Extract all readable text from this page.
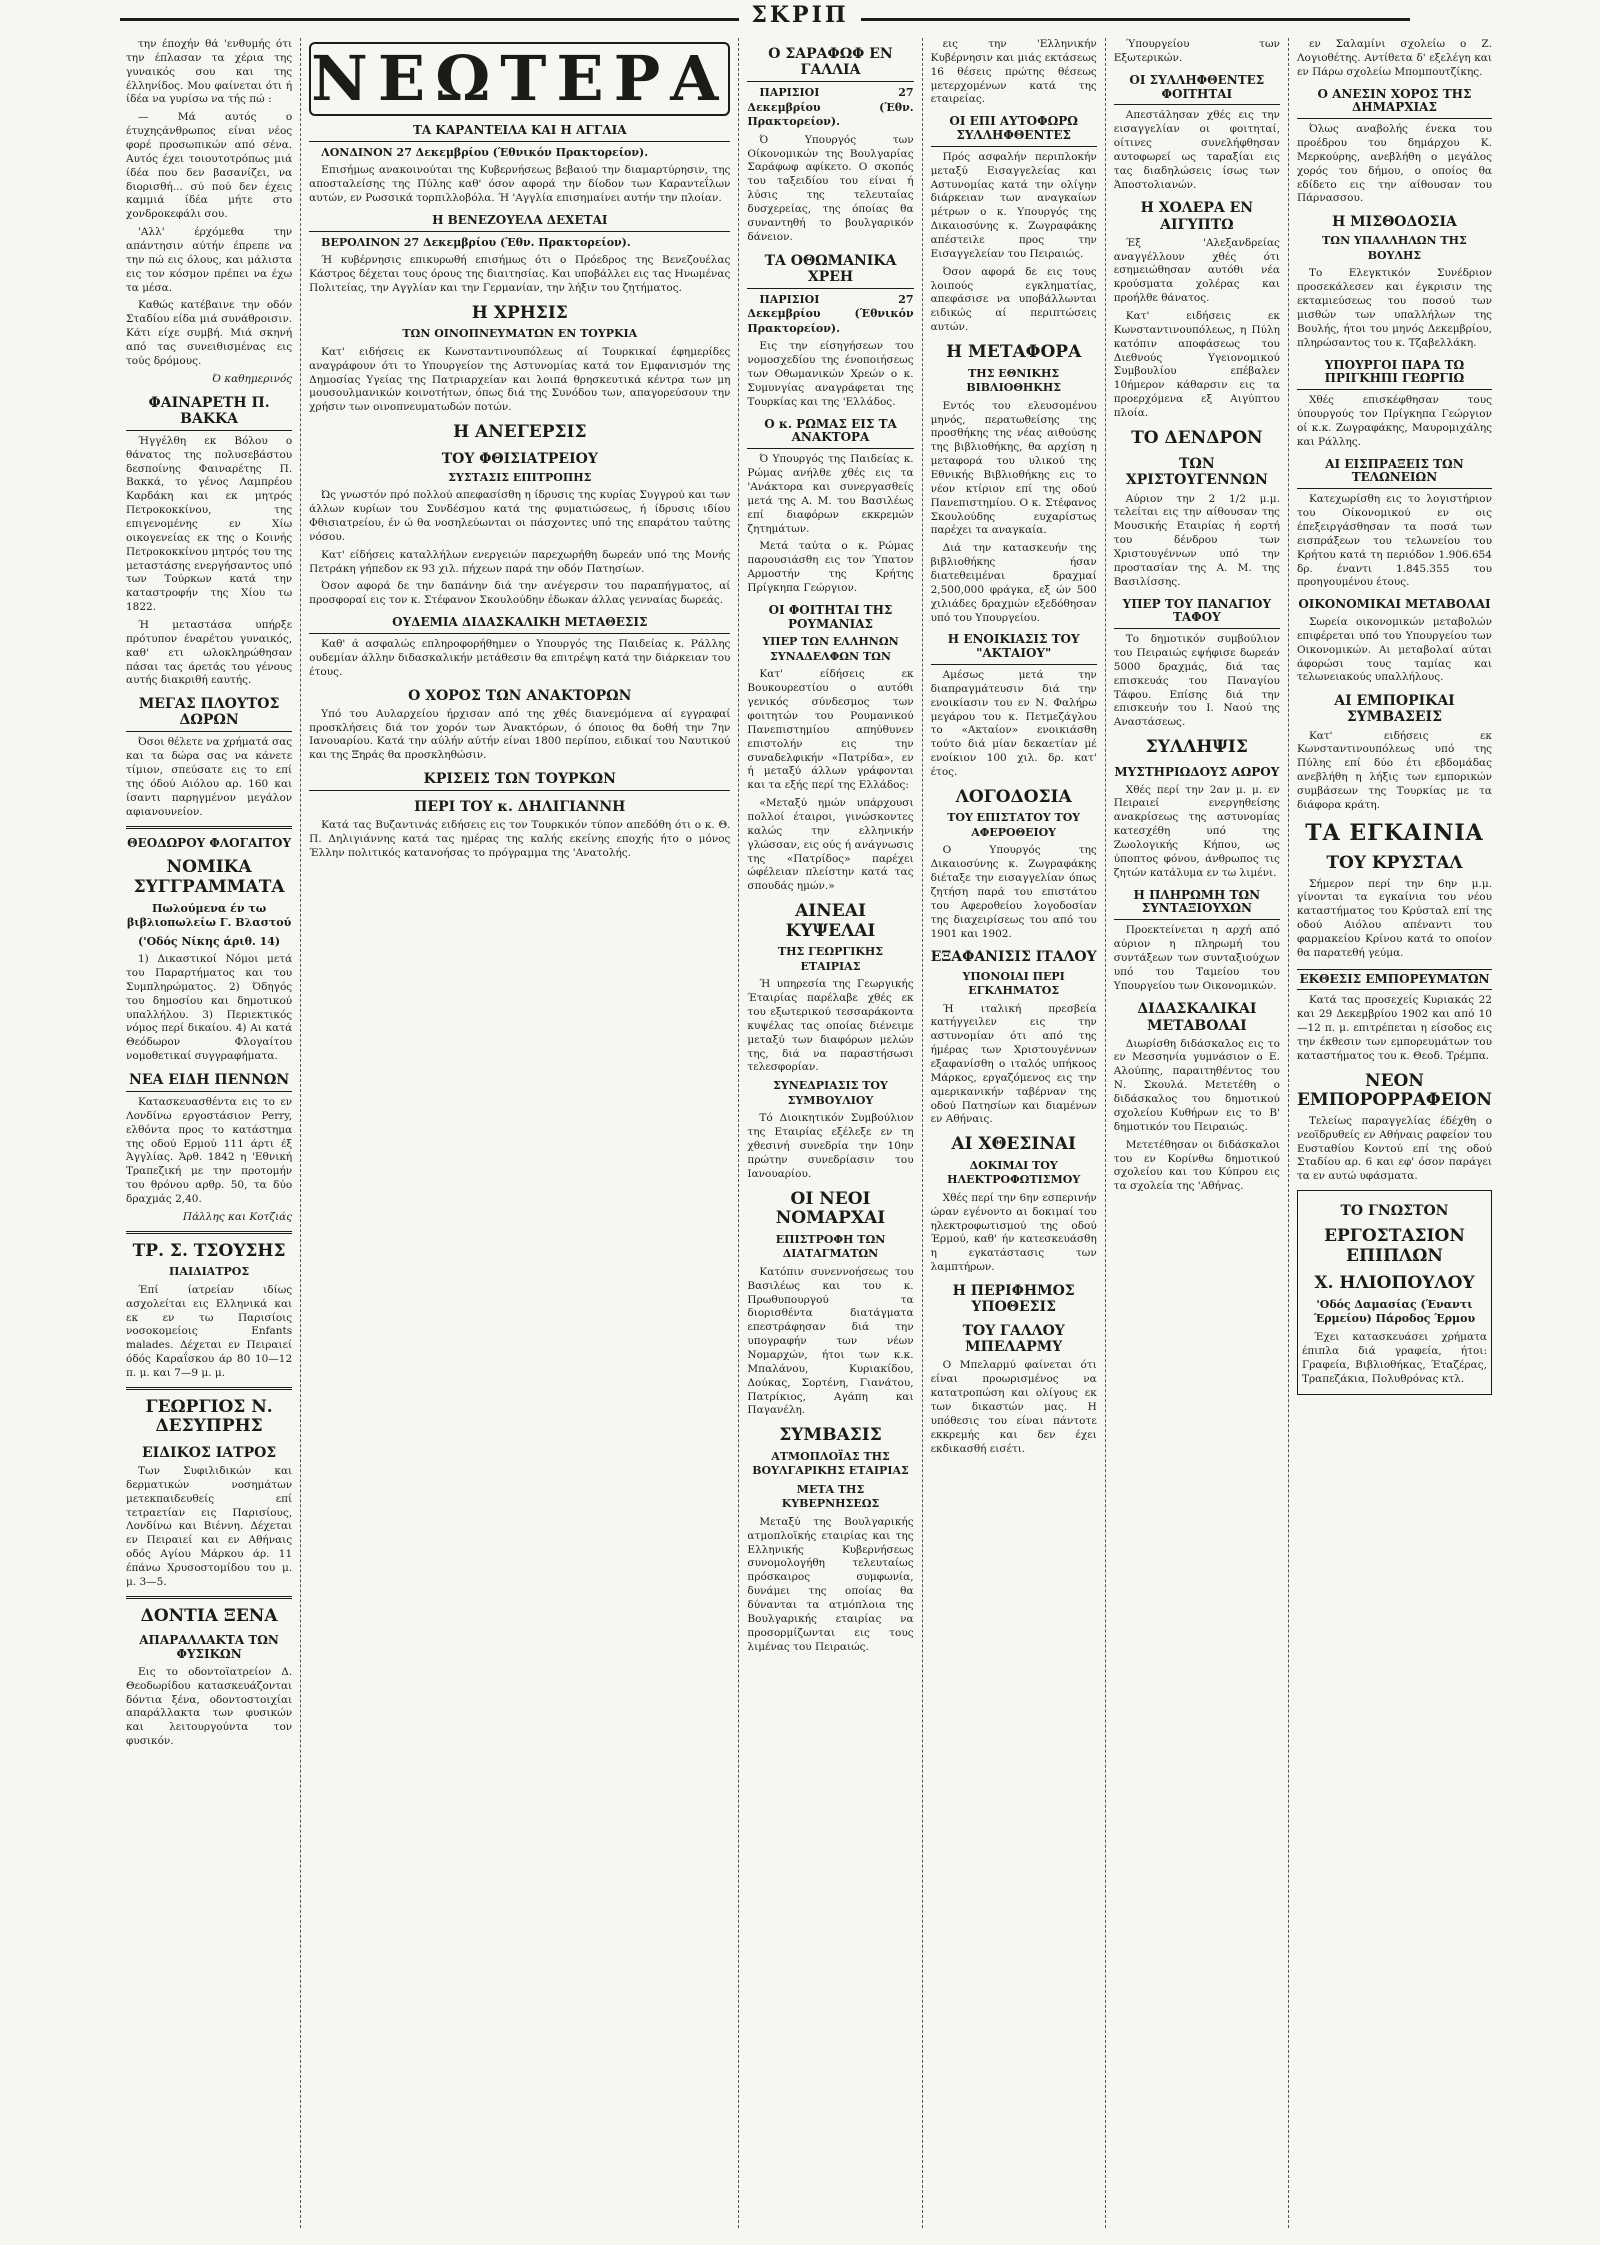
ΣΚΡΙΠ

την έποχήν θά 'ενθυμής ότι την έπλασαν τα χέρια της γυναικός σου και της έλληνίδος. Μου φαίνεται ότι ή ίδέα να γυρίσω να τής πώ :

— Μά αυτός ο έτυχηςάνθρωπος είναι νέος φορέ προσωπικών από σένα. Αυτός έχει τοιουτοτρόπως μιά ίδέα που δεν βασανίζει, να διορισθή... σύ πού δεν έχεις καμμιά ίδέα μήτε στο χονδροκεφάλι σου.

'Αλλ' έρχόμεθα την απάντησιν αύτήν έπρεπε να την πώ εις όλους, και μάλιστα εις τον κόσμον πρέπει να έχω τα μέσα.

Καθώς κατέβαινε την οδόν Σταδίου είδα μιά συνάθροισιν. Κάτι είχε συμβή. Μιά σκηνή από τας συνειθισμένας εις τούς δρόμους.

Ό καθημερινός

ΦΑΙΝΑΡΕΤΗ Π. ΒΑΚΚΑ

Ήγγέλθη εκ Βόλου ο θάνατος της πολυσεβάστου δεσποίνης Φαιναρέτης Π. Βακκά, το γένος Λαμπρέου Καρδάκη και εκ μητρός Πετροκοκκίνου, της επιγενομένης εν Χίω οικογενείας εκ της ο Κοινής Πετροκοκκίνου μητρός του της μεταστάσης ενεργήσαντος υπό των Τούρκων κατά την καταστροφήν της Χίου τω 1822.

Ή μεταστάσα υπήρξε πρότυπον έναρέτου γυναικός, καθ' ετι ωλοκληρώθησαν πάσαι τας άρετάς του γένους αυτής διακριθή εαυτής.

ΜΕΓΑΣ ΠΛΟΥΤΟΣ ΔΩΡΩΝ

Όσοι θέλετε να χρήματά σας και τα δώρα σας να κάνετε τίμιον, σπεύσατε εις το επί της όδού Αιόλου αρ. 160 και ίσαντι παρηγμένον μεγάλον αφιανουνείον.

ΘΕΟΔΩΡΟΥ ΦΛΟΓΑΙΤΟΥ
ΝΟΜΙΚΑ ΣΥΓΓΡΑΜΜΑΤΑ
Πωλούμενα έν τω βιβλιοπωλείω Γ. Βλαστού
('Οδός Νίκης άριθ. 14)

1) Δικαστικοί Νόμοι μετά του Παραρτήματος και του Συμπληρώματος. 2) Όδηγός του δημοσίου και δημοτικού υπαλλήλου. 3) Περιεκτικός νόμος περί δικαίου. 4) Αι κατά Θεόδωρον Φλογαίτου νομοθετικαί συγγραφήματα.

ΝΕΑ ΕΙΔΗ ΠΕΝΝΩΝ

Κατασκευασθέντα εις το εν Λονδίνω εργοστάσιον Perry, ελθόντα προς το κατάστημα της οδού Ερμού 111 άρτι έξ Άγγλίας. Άρθ. 1842 η 'Εθνική Τραπεζική με την προτομήν του θρόνου αρθρ. 50, τα δύο δραχμάς 2,40.

Πάλλης και Κοτζιάς

ΤΡ. Σ. ΤΣΟΥΣΗΣ
ΠΑΙΔΙΑΤΡΟΣ

Έπί ίατρείαν ιδίως ασχολείται εις Ελληνικά και εκ εν τω Παρισίοις νοσοκομείοις Enfants malades. Δέχεται εν Πειραιεί όδός Καραΐσκου άρ 80 10—12 π. μ. και 7—9 μ. μ.

ΓΕΩΡΓΙΟΣ Ν. ΔΕΣΥΠΡΗΣ
ΕΙΔΙΚΟΣ ΙΑΤΡΟΣ

Των Συφιλιδικών και δερματικών νοσημάτων μετεκπαιδευθείς επί τετραετίαν εις Παρισίους, Λονδίνω και Βιέννη. Δέχεται εν Πειραιεί και εν Αθήναις οδός Αγίου Μάρκου άρ. 11 έπάνω Χρυσοστομίδου του μ. μ. 3—5.

ΔΟΝΤΙΑ ΞΕΝΑ
ΑΠΑΡΑΛΛΑΚΤΑ ΤΩΝ ΦΥΣΙΚΩΝ

Εις το οδοντοϊατρείον Δ. Θεοδωρίδου κατασκευάζονται δόντια ξένα, οδοντοστοιχίαι απαράλλακτα των φυσικών και λειτουργούντα τον φυσικόν.

ΝΕΩΤΕΡΑ
ΤΑ ΚΑΡΑΝΤΕΙΛΑ ΚΑΙ Η ΑΓΓΛΙΑ

ΛΟΝΔΙΝΟΝ 27 Δεκεμβρίου (Έθνικόν Πρακτορείον).

Επισήμως ανακοινούται της Κυβερνήσεως βεβαιού την διαμαρτύρησιν, της αποσταλείσης της Πύλης καθ' όσον αφορά την δίοδον των Καραντεΐλων αυτών, εν Ρωσσικά τορπιλλοβόλα. Ή 'Αγγλία επισημαίνει αυτήν την πλοίαν.

Η ΒΕΝΕΖΟΥΕΛΑ ΔΕΧΕΤΑΙ

ΒΕΡΟΛΙΝΟΝ 27 Δεκεμβρίου (Έθν. Πρακτορείον).

Ή κυβέρνησις επικυρωθή επισήμως ότι ο Πρόεδρος της Βενεζουέλας Κάστρος δέχεται τους όρους της διαιτησίας. Και υποβάλλει εις τας Ηνωμένας Πολιτείας, την Αγγλίαν και την Γερμανίαν, την λήξιν του ζητήματος.

Η ΧΡΗΣΙΣ
ΤΩΝ ΟΙΝΟΠΝΕΥΜΑΤΩΝ ΕΝ ΤΟΥΡΚΙΑ

Κατ' ειδήσεις εκ Κωνσταντινουπόλεως αί Τουρκικαί έφημερίδες αναγράφουν ότι το Υπουργείον της Αστυνομίας κατά τον Εμφανισμόν της Δημοσίας Υγείας της Πατριαρχείαν και λοιπά θρησκευτικά κέντρα των μη μουσουλμανικών κοινοτήτων, όπως διά της Συνόδου των, απαγορεύσουν την χρήσιν των οινοπνευματωδών ποτών.

Η ΑΝΕΓΕΡΣΙΣ
ΤΟΥ ΦΘΙΣΙΑΤΡΕΙΟΥ
ΣΥΣΤΑΣΙΣ ΕΠΙΤΡΟΠΗΣ

Ώς γνωστόν πρό πολλού απεφασίσθη η ίδρυσις της κυρίας Συγγρού και των άλλων κυρίων του Συνδέσμου κατά της φυματιώσεως, ή ίδρυσις ιδίου Φθισιατρείου, έν ώ θα νοσηλεύωνται οι πάσχοντες υπό της επαράτου ταύτης νόσου.

Κατ' είδήσεις καταλλήλων ενεργειών παρεχωρήθη δωρεάν υπό της Μονής Πετράκη γήπεδον εκ 93 χιλ. πήχεων παρά την οδόν Πατησίων.

Όσον αφορά δε την δαπάνην διά την ανέγερσιν του παραπήγματος, αί προσφοραί εις τον κ. Στέφανον Σκουλούδην έδωκαν άλλας γενναίας δωρεάς.

ΟΥΔΕΜΙΑ ΔΙΔΑΣΚΑΛΙΚΗ ΜΕΤΑΘΕΣΙΣ

Καθ' ά ασφαλώς επληροφορήθημεν ο Υπουργός της Παιδείας κ. Ράλλης ουδεμίαν άλλην διδασκαλικήν μετάθεσιν θα επιτρέψη κατά την διάρκειαν του έτους.

Ο ΧΟΡΟΣ ΤΩΝ ΑΝΑΚΤΟΡΩΝ

Υπό του Αυλαρχείου ήρχισαν από της χθές διανεμόμενα αί εγγραφαί προσκλήσεις διά τον χορόν των Άνακτόρων, ό όποιος θα δοθή την 7ην Ιανουαρίου. Κατά την αύλήν αύτήν είναι 1800 περίπου, ειδικαί του Ναυτικού και της Ξηράς θα προσκληθώσιν.

ΚΡΙΣΕΙΣ ΤΩΝ ΤΟΥΡΚΩΝ
ΠΕΡΙ ΤΟΥ κ. ΔΗΛΙΓΙΑΝΝΗ

Κατά τας Βυζαντινάς ειδήσεις εις τον Τουρκικόν τύπον απεδόθη ότι ο κ. Θ. Π. Δηλιγιάννης κατά τας ημέρας της καλής εκείνης εποχής ήτο ο μόνος Έλλην πολιτικός κατανοήσας το πρόγραμμα της 'Ανατολής.

Ο ΣΑΡΑΦΩΦ ΕΝ ΓΑΛΛΙΑ

ΠΑΡΙΣΙΟΙ 27 Δεκεμβρίου (Έθν. Πρακτορείον).

Ό Υπουργός των Οίκονομικών της Βουλγαρίας Σαράφωφ αφίκετο. Ο σκοπός του ταξειδίου του είναι ή λύσις της τελευταίας δυσχερείας, της όποίας θα συναντηθή το βουλγαρικόν δάνειον.

ΤΑ ΟΘΩΜΑΝΙΚΑ ΧΡΕΗ

ΠΑΡΙΣΙΟΙ 27 Δεκεμβρίου (Έθνικόν Πρακτορείον).

Εις την είσηγήσεων του νομοσχεδίου της ένοποιήσεως των Οθωμανικών Χρεών ο κ. Συμυνγίας αναγράφεται της Τουρκίας και της 'Ελλάδος.

Ο κ. ΡΩΜΑΣ ΕΙΣ ΤΑ ΑΝΑΚΤΟΡΑ

Ό Υπουργός της Παιδείας κ. Ρώμας ανήλθε χθές εις τα 'Ανάκτορα και συνεργασθείς μετά της Α. Μ. του Βασιλέως επί διαφόρων εκκρεμών ζητημάτων.

Μετά ταύτα ο κ. Ρώμας παρουσιάσθη εις τον Ύπατον Αρμοστήν της Κρήτης Πρίγκηπα Γεώργιον.

ΟΙ ΦΟΙΤΗΤΑΙ ΤΗΣ ΡΟΥΜΑΝΙΑΣ
ΥΠΕΡ ΤΩΝ ΕΛΛΗΝΩΝ ΣΥΝΑΔΕΛΦΩΝ ΤΩΝ

Κατ' είδήσεις εκ Βουκουρεστίου ο αυτόθι γενικός σύνδεσμος των φοιτητών του Ρουμανικού Πανεπιστημίου απηύθυνεν επιστολήν εις την συναδελφικήν «Πατρίδα», εν ή μεταξύ άλλων γράφονται και τα εξής περί της Ελλάδος:

«Μεταξύ ημών υπάρχουσι πολλοί έταιροι, γινώσκοντες καλώς την ελληνικήν γλώσσαν, εις ούς ή ανάγνωσις της «Πατρίδος» παρέχει ώφέλειαν πλείστην κατά τας σπουδάς ημών.»

ΑΙΝΕΑΙ ΚΥΨΕΛΑΙ
ΤΗΣ ΓΕΩΡΓΙΚΗΣ ΕΤΑΙΡΙΑΣ

Ή υπηρεσία της Γεωργικής Έταιρίας παρέλαβε χθές εκ του εξωτερικού τεσσαράκοντα κυψέλας τας οποίας διένειμε μεταξύ των διαφόρων μελών της, διά να παραστήσωσι τελεσφορίαν.

ΣΥΝΕΔΡΙΑΣΙΣ ΤΟΥ ΣΥΜΒΟΥΛΙΟΥ

Τό Διοικητικόν Συμβούλιον της Εταιρίας εξέλεξε εν τη χθεσινή συνεδρία την 10ην πρώτην συνεδρίασιν του Ιανουαρίου.

ΟΙ ΝΕΟΙ ΝΟΜΑΡΧΑΙ
ΕΠΙΣΤΡΟΦΗ ΤΩΝ ΔΙΑΤΑΓΜΑΤΩΝ

Κατόπιν συνεννοήσεως του Βασιλέως και του κ. Πρωθυπουργού τα διορισθέντα διατάγματα επεστράφησαν διά την υπογραφήν των νέων Νομαρχών, ήτοι των κ.κ. Μπαλάνου, Κυριακίδου, Δούκας, Σορτένη, Γιανάτου, Πατρίκιος, Αγάπη και Παγανέλη.

ΣΥΜΒΑΣΙΣ
ΑΤΜΟΠΛΟΪΑΣ ΤΗΣ ΒΟΥΛΓΑΡΙΚΗΣ ΕΤΑΙΡΙΑΣ
ΜΕΤΑ ΤΗΣ ΚΥΒΕΡΝΗΣΕΩΣ

Μεταξύ της Βουλγαρικής ατμοπλοϊκής εταιρίας και της Ελληνικής Κυβερνήσεως συνομολογήθη τελευταίως πρόσκαιρος συμφωνία, δυνάμει της οποίας θα δύνανται τα ατμόπλοια της Βουλγαρικής εταιρίας να προσορμίζωνται εις τους λιμένας του Πειραιώς.

εις την 'Ελληνικήν Κυβέρνησιν και μιάς εκτάσεως 16 θέσεις πρώτης θέσεως μετερχομένων κατά της εταιρείας.

ΟΙ ΕΠΙ ΑΥΤΟΦΩΡΩ ΣΥΛΛΗΦΘΕΝΤΕΣ

Πρός ασφαλήν περιπλοκήν μεταξύ Εισαγγελείας και Αστυνομίας κατά την ολίγην διάρκειαν των αναγκαίων μέτρων ο κ. Υπουργός της Δικαιοσύνης κ. Ζωγραφάκης απέστειλε προς την Εισαγγελείαν του Πειραιώς.

Όσον αφορά δε εις τους λοιπούς εγκληματίας, απεφάσισε να υποβάλλωνται ειδικώς αί περιπτώσεις αυτών.

Η ΜΕΤΑΦΟΡΑ
ΤΗΣ ΕΘΝΙΚΗΣ ΒΙΒΛΙΟΘΗΚΗΣ

Εντός του ελευσομένου μηνός, περατωθείσης της προσθήκης της νέας αιθούσης της βιβλιοθήκης, θα αρχίση η μεταφορά του υλικού της Εθνικής Βιβλιοθήκης εις το νέον κτίριον επί της οδού Πανεπιστημίου. Ο κ. Στέφανος Σκουλούδης ευχαρίστως παρέχει τα αναγκαία.

Διά την κατασκευήν της βιβλιοθήκης ήσαν διατεθειμέναι δραχμαί 2,500,000 φράγκα, εξ ών 500 χιλιάδες δραχμών εξεδόθησαν υπό του Υπουργείου.

Η ΕΝΟΙΚΙΑΣΙΣ ΤΟΥ "ΑΚΤΑΙΟΥ"

Αμέσως μετά την διαπραγμάτευσιν διά την ενοικίασιν του εν Ν. Φαλήρω μεγάρου του κ. Πετμεζάγλου το «Ακταίον» ενοικιάσθη τούτο διά μίαν δεκαετίαν μέ ενοίκιον 100 χιλ. δρ. κατ' έτος.

ΛΟΓΟΔΟΣΙΑ
ΤΟΥ ΕΠΙΣΤΑΤΟΥ ΤΟΥ ΑΦΕΡΟΘΕΙΟΥ

Ο Υπουργός της Δικαιοσύνης κ. Ζωγραφάκης διέταξε την εισαγγελίαν όπως ζητήση παρά του επιστάτου του Αφεροθείου λογοδοσίαν της διαχειρίσεως του από του 1901 και 1902.

ΕΞΑΦΑΝΙΣΙΣ ΙΤΑΛΟΥ
ΥΠΟΝΟΙΑΙ ΠΕΡΙ ΕΓΚΛΗΜΑΤΟΣ

Ή ιταλική πρεσβεία κατήγγειλεν εις την αστυνομίαν ότι από της ήμέρας των Χριστουγέννων εξαφανίσθη ο ιταλός υπήκοος Μάρκος, εργαζόμενος εις την αμερικανικήν ταβέρναν της οδού Πατησίων και διαμένων εν Αθήναις.

ΑΙ ΧΘΕΣΙΝΑΙ
ΔΟΚΙΜΑΙ ΤΟΥ ΗΛΕΚΤΡΟΦΩΤΙΣΜΟΥ

Χθές περί την 6ην εσπερινήν ώραν εγένοντο αι δοκιμαί του ηλεκτροφωτισμού της οδού Έρμού, καθ' ήν κατεσκευάσθη η εγκατάστασις των λαμπτήρων.

Η ΠΕΡΙΦΗΜΟΣ ΥΠΟΘΕΣΙΣ
ΤΟΥ ΓΑΛΛΟΥ ΜΠΕΛΑΡΜΥ

Ο Μπελαρμύ φαίνεται ότι είναι προωρισμένος να κατατροπώση και ολίγους εκ των δικαστών μας. Η υπόθεσις του είναι πάντοτε εκκρεμής και δεν έχει εκδικασθή εισέτι.

Ύπουργείου των Εξωτερικών.

ΟΙ ΣΥΛΛΗΦΘΕΝΤΕΣ ΦΟΙΤΗΤΑΙ

Απεστάλησαν χθές εις την εισαγγελίαν οι φοιτηταί, οίτινες συνελήφθησαν αυτοφωρεί ως ταραξίαι εις τας διαδηλώσεις ίσως των Άποστολιανών.

Η ΧΟΛΕΡΑ ΕΝ ΑΙΓΥΠΤΩ

Έξ 'Αλεξανδρείας αναγγέλλουν χθές ότι εσημειώθησαν αυτόθι νέα κρούσματα χολέρας και προήλθε θάνατος.

Κατ' ειδήσεις εκ Κωνσταντινουπόλεως, η Πύλη κατόπιν αποφάσεως του Διεθνούς Υγειονομικού Συμβουλίου επέβαλεν 10ήμερον κάθαρσιν εις τα προερχόμενα εξ Αιγύπτου πλοία.

ΤΟ ΔΕΝΔΡΟΝ
ΤΩΝ ΧΡΙΣΤΟΥΓΕΝΝΩΝ

Αύριον την 2 1/2 μ.μ. τελείται εις την αίθουσαν της Μουσικής Εταιρίας ή εορτή του δένδρου των Χριστουγέννων υπό την προστασίαν της Α. Μ. της Βασιλίσσης.

ΥΠΕΡ ΤΟΥ ΠΑΝΑΓΙΟΥ ΤΑΦΟΥ

Το δημοτικόν συμβούλιον του Πειραιώς εψήφισε δωρεάν 5000 δραχμάς, διά τας επισκευάς του Παναγίου Τάφου. Επίσης διά την επισκευήν του Ι. Ναού της Αναστάσεως.

ΣΥΛΛΗΨΙΣ
ΜΥΣΤΗΡΙΩΔΟΥΣ ΑΩΡΟΥ

Χθές περί την 2αν μ. μ. εν Πειραιεί ενεργηθείσης ανακρίσεως της αστυνομίας κατεσχέθη υπό της Ζωολογικής Κήπου, ως ύποπτος φόνου, άνθρωπος τις ζητών κατάλυμα εν τω λιμένι.

Η ΠΛΗΡΩΜΗ ΤΩΝ ΣΥΝΤΑΞΙΟΥΧΩΝ

Προεκτείνεται η αρχή από αύριον η πληρωμή του συντάξεων των συνταξιούχων υπό του Ταμείου του Υπουργείου των Οικονομικών.

ΔΙΔΑΣΚΑΛΙΚΑΙ ΜΕΤΑΒΟΛΑΙ

Διωρίσθη διδάσκαλος εις το εν Μεσσηνία γυμνάσιον ο Ε. Αλούπης, παραιτηθέντος του Ν. Σκουλά. Μετετέθη ο διδάσκαλος του δημοτικού σχολείου Κυθήρων εις το Β' δημοτικόν του Πειραιώς.

Μετετέθησαν οι διδάσκαλοι του εν Κορίνθω δημοτικού σχολείου και του Κύπρου εις τα σχολεία της 'Αθήνας.

εν Σαλαμίνι σχολείω ο Ζ. Λογιοθέτης. Αντίθετα δ' εξελέγη και εν Πάρω σχολείω Μπομπουτζίκης.

Ο ΑΝΕΣΙΝ ΧΟΡΟΣ ΤΗΣ ΔΗΜΑΡΧΙΑΣ

Όλως αναβολής ένεκα του προέδρου του δημάρχου Κ. Μερκούρης, ανεβλήθη ο μεγάλος χορός του δήμου, ο οποίος θα εδίδετο εις την αίθουσαν του Πάρνασσου.

Η ΜΙΣΘΟΔΟΣΙΑ
ΤΩΝ ΥΠΑΛΛΗΛΩΝ ΤΗΣ ΒΟΥΛΗΣ

Το Ελεγκτικόν Συνέδριον προσεκάλεσεν και έγκρισιν της εκταμιεύσεως του ποσού των μισθών των υπαλλήλων της Βουλής, ήτοι του μηνός Δεκεμβρίου, πληρώσαντος του κ. Τζαβελλάκη.

ΥΠΟΥΡΓΟΙ ΠΑΡΑ ΤΩ ΠΡΙΓΚΗΠΙ ΓΕΩΡΓΙΩ

Χθές επισκέφθησαν τους ύπουργούς τον Πρίγκηπα Γεώργιον οί κ.κ. Ζωγραφάκης, Μαυρομιχάλης και Ράλλης.

ΑΙ ΕΙΣΠΡΑΞΕΙΣ ΤΩΝ ΤΕΛΩΝΕΙΩΝ

Κατεχωρίσθη εις το λογιστήριον του Οίκονομικού εν οις έπεξειργάσθησαν τα ποσά των εισπράξεων του τελωνείου του Κρήτου κατά τη περιόδον 1.906.654 δρ. έναντι 1.845.355 του προηγουμένου έτους.

ΟΙΚΟΝΟΜΙΚΑΙ ΜΕΤΑΒΟΛΑΙ

Σωρεία οικονομικών μεταβολών επιφέρεται υπό του Υπουργείου των Οικονομικών. Αι μεταβολαί αύται άφορώσι τους ταμίας και τελωνειακούς υπαλλήλους.

ΑΙ ΕΜΠΟΡΙΚΑΙ ΣΥΜΒΑΣΕΙΣ

Κατ' ειδήσεις εκ Κωνσταντινουπόλεως υπό της Πύλης επί δύο έτι εβδομάδας ανεβλήθη η λήξις των εμπορικών συμβάσεων της Τουρκίας με τα διάφορα κράτη.

ΤΑ ΕΓΚΑΙΝΙΑ
ΤΟΥ ΚΡΥΣΤΑΛ

Σήμερον περί την 6ην μ.μ. γίνονται τα εγκαίνια του νέου καταστήματος του Κρύσταλ επί της οδού Αιόλου απέναντι του φαρμακείου Κρίνου κατά το οποίον θα παρατεθή γεύμα.

ΕΚΘΕΣΙΣ ΕΜΠΟΡΕΥΜΑΤΩΝ

Κατά τας προσεχείς Κυριακάς 22 και 29 Δεκεμβρίου 1902 και από 10—12 π. μ. επιτρέπεται η είσοδος εις την έκθεσιν των εμπορευμάτων του καταστήματος του κ. Θεοδ. Τρέμπα.

ΝΕΟΝ ΕΜΠΟΡΟΡΡΑΦΕΙΟΝ

Τελείως παραγγελίας έδέχθη ο νεοϊδρυθείς εν Αθήναις ραφείον του Ευσταθίου Κοντού επί της οδού Σταδίου αρ. 6 και εφ' όσον παράγει τα εν αυτώ υφάσματα.

ΤΟ ΓΝΩΣΤΟΝ
ΕΡΓΟΣΤΑΣΙΟΝ ΕΠΙΠΛΩΝ
Χ. ΗΛΙΟΠΟΥΛΟΥ
'Οδός Δαμασίας (Έναντι Έρμείου) Πάροδος Έρμου

Έχει κατασκευάσει χρήματα έπιπλα διά γραφεία, ήτοι: Γραφεία, Βιβλιοθήκας, Έταζέρας, Τραπεζάκια, Πολυθρόνας κτλ.
